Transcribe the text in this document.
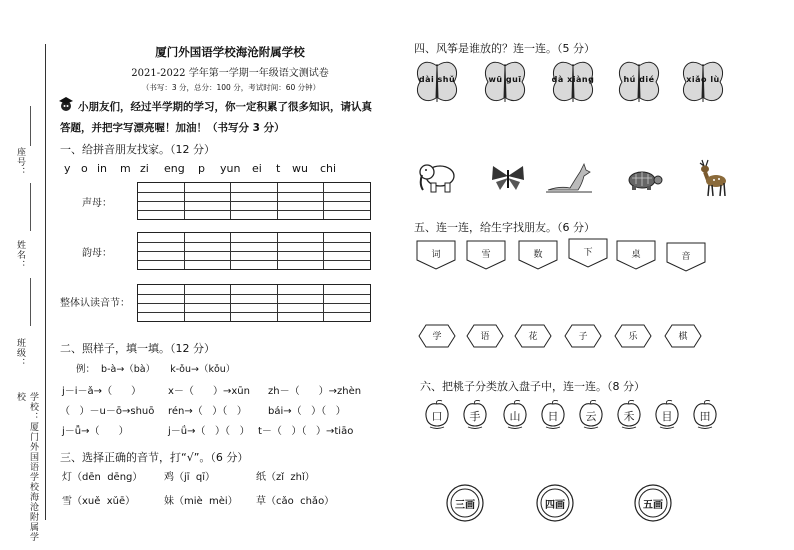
座号：
姓名：
班级：
学校：厦门外国语学校海沧附属学校
厦门外国语学校海沧附属学校
2021-2022 学年第一学期一年级语文测试卷
（书写：3 分，总分：100 分，考试时间：60 分钟）
小朋友们，经过半学期的学习，你一定积累了很多知识，请认真
答题，并把字写漂亮喔！加油！（书写分 3 分）
一、给拼音朋友找家。（12 分）
y o in m zi eng p yun ei t wu chi
声母：
韵母：
整体认读音节：
二、照样子，填一填。（12 分）
例：  b-à→（bà）     k-ǒu→（kǒu）
j－i－ǎ→（      ）	x－（      ）→xūn zh－（      ）→zhèn
（   ）－u－ō→shuō rén→（   ）（   ） bái→（   ）（   ）
j－ǚ→（      ）	j－ǘ→（   ）（   ） t－（   ）（   ）→tiāo
三、选择正确的音节，打“√”。（6 分）
灯（dēn  dēng） 鸡（jī  qī）	纸（zǐ  zhǐ）
雪（xuě  xǔē）	妹（miè  mèi） 草（cǎo  chǎo）
四、风筝是谁放的？连一连。（5 分）
dài shǔ	wū guī	dà xiàng	hú dié	xiǎo lù
五、连一连，给生字找朋友。（6 分）
词	雪	数	下	桌	音
学	语	花	子	乐	棋
六、把桃子分类放入盘子中，连一连。（8 分）
口	手	山	日	云	禾	目	田
三画	四画	五画
